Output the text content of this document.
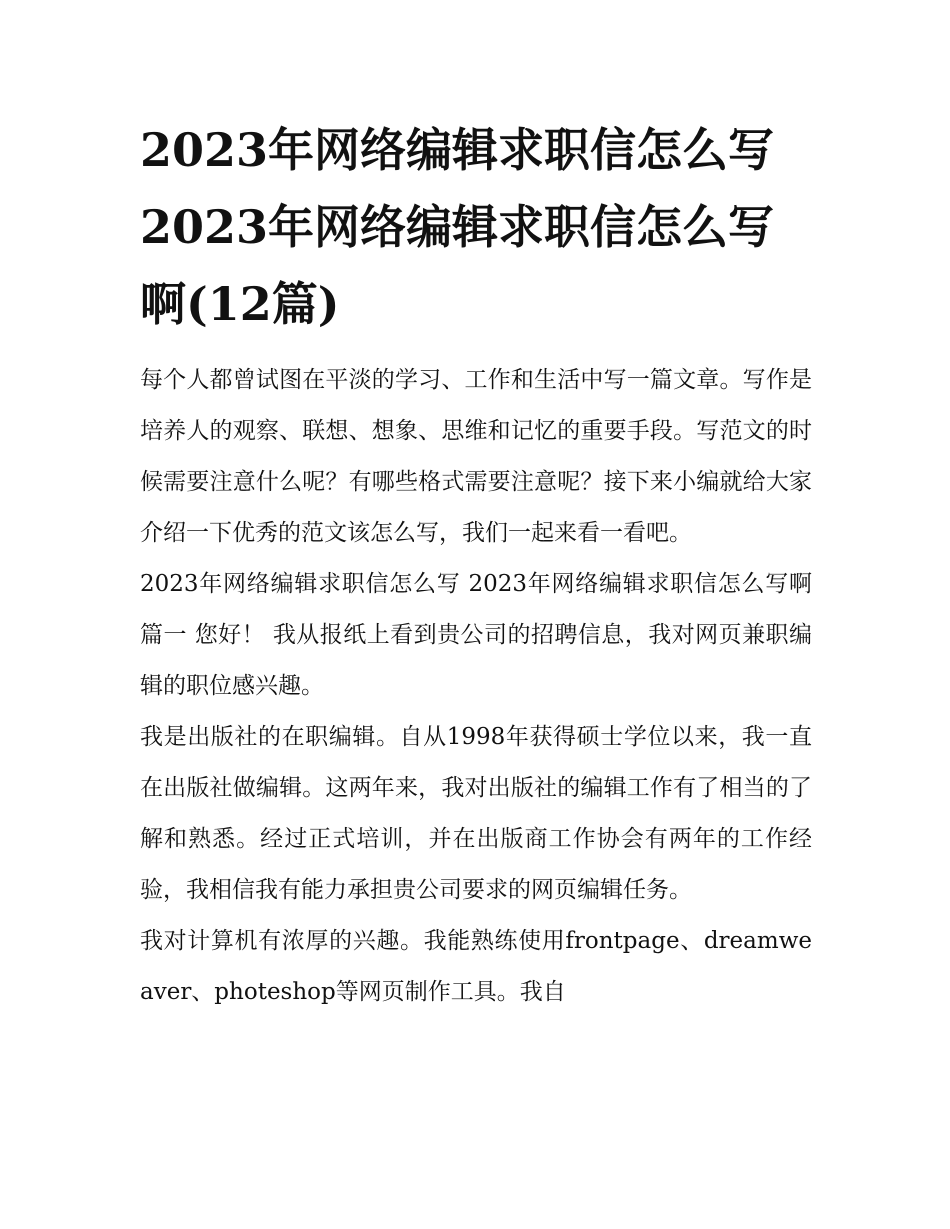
2023年网络编辑求职信怎么写 2023年网络编辑求职信怎么写啊(12篇)

每个人都曾试图在平淡的学习、工作和生活中写一篇文章。写作是培养人的观察、联想、想象、思维和记忆的重要手段。写范文的时候需要注意什么呢？有哪些格式需要注意呢？接下来小编就给大家介绍一下优秀的范文该怎么写，我们一起来看一看吧。

2023年网络编辑求职信怎么写 2023年网络编辑求职信怎么写啊篇一 您好！ 我从报纸上看到贵公司的招聘信息，我对网页兼职编辑的职位感兴趣。

我是出版社的在职编辑。自从1998年获得硕士学位以来，我一直在出版社做编辑。这两年来，我对出版社的编辑工作有了相当的了解和熟悉。经过正式培训，并在出版商工作协会有两年的工作经验，我相信我有能力承担贵公司要求的网页编辑任务。

我对计算机有浓厚的兴趣。我能熟练使用frontpage、dreamweaver、photeshop等网页制作工具。我自
